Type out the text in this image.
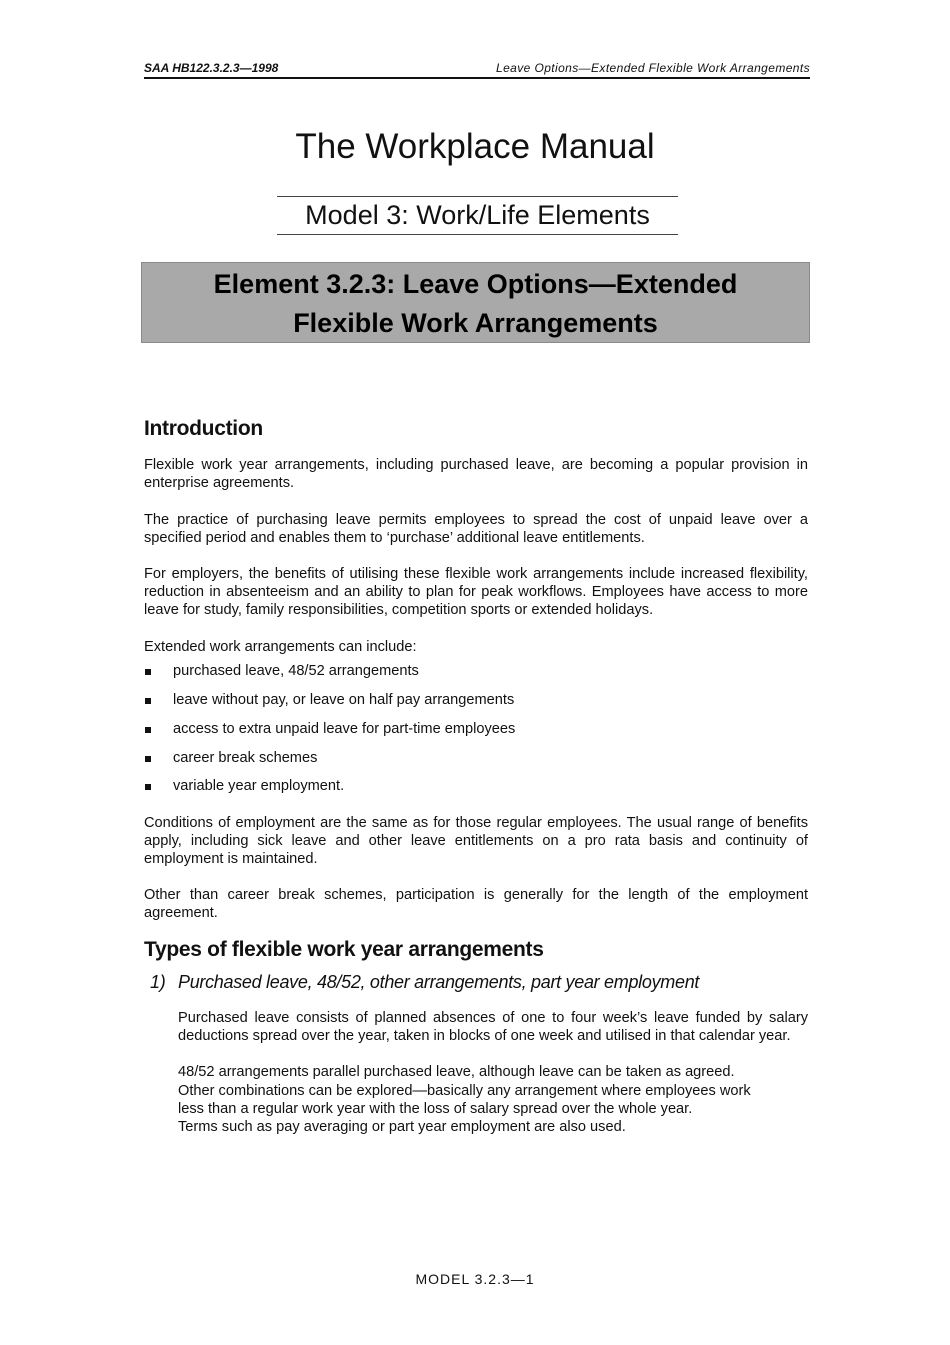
SAA HB122.3.2.3—1998	Leave Options—Extended Flexible Work Arrangements
The Workplace Manual
Model 3: Work/Life Elements
Element 3.2.3: Leave Options—Extended
Flexible Work Arrangements
Introduction

Flexible work year arrangements, including purchased leave, are becoming a popular provision in enterprise agreements.

The practice of purchasing leave permits employees to spread the cost of unpaid leave over a specified period and enables them to ‘purchase’ additional leave entitlements.

For employers, the benefits of utilising these flexible work arrangements include increased flexibility, reduction in absenteeism and an ability to plan for peak workflows. Employees have access to more leave for study, family responsibilities, competition sports or extended holidays.

Extended work arrangements can include:

purchased leave, 48/52 arrangements
leave without pay, or leave on half pay arrangements
access to extra unpaid leave for part-time employees
career break schemes
variable year employment.

Conditions of employment are the same as for those regular employees. The usual range of benefits apply, including sick leave and other leave entitlements on a pro rata basis and continuity of employment is maintained.

Other than career break schemes, participation is generally for the length of the employment agreement.

Types of flexible work year arrangements
1) Purchased leave, 48/52, other arrangements, part year employment

Purchased leave consists of planned absences of one to four week’s leave funded by salary deductions spread over the year, taken in blocks of one week and utilised in that calendar year.

48/52 arrangements parallel purchased leave, although leave can be taken as agreed.
Other combinations can be explored—basically any arrangement where employees work
less than a regular work year with the loss of salary spread over the whole year.
Terms such as pay averaging or part year employment are also used.
MODEL 3.2.3—1
